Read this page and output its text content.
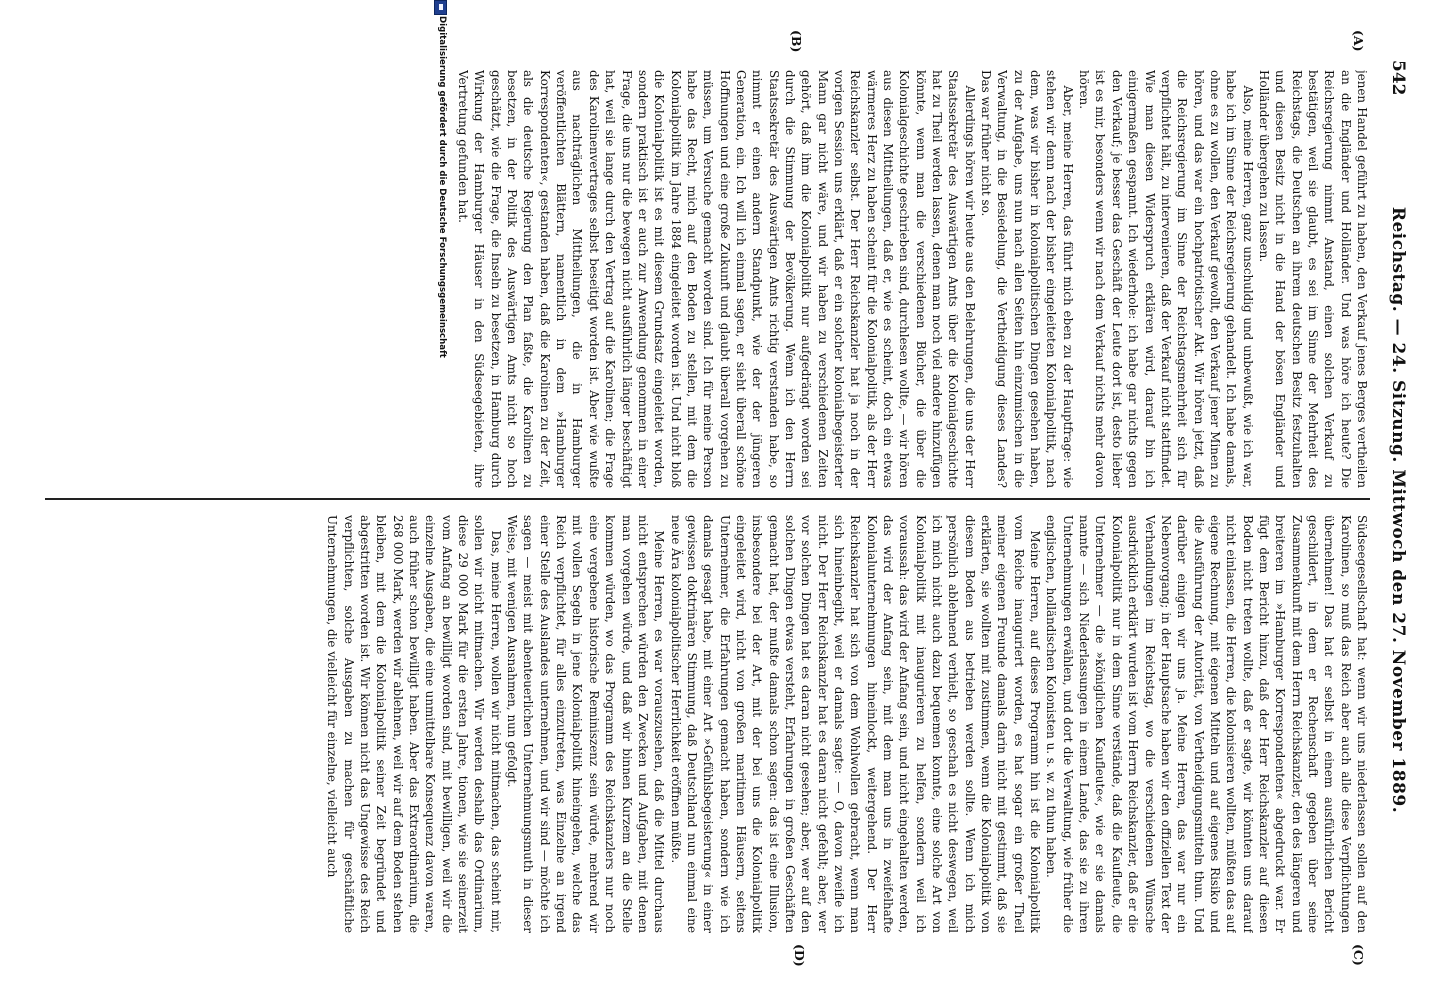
542
Reichstag. — 24. Sitzung. Mittwoch den 27. November 1889.
(A)
(B)
(C)
(D)

jenen Handel geführt zu haben, den Verkauf jenes Berges vertheilen an die Engländer und Holländer. Und was höre ich heute? Die Reichsregierung nimmt Anstand, einen solchen Verkauf zu bestätigen, weil sie glaubt, es sei im Sinne der Mehrheit des Reichstags, die Deutschen an ihrem deutschen Besitz festzuhalten und diesen Besitz nicht in die Hand der bösen Engländer und Holländer übergehen zu lassen.

Also, meine Herren, ganz unschuldig und unbewußt, wie ich war, habe ich im Sinne der Reichsregierung gehandelt. Ich habe damals, ohne es zu wollen, den Verkauf gewollt, den Verkauf jener Minen zu hören, und das war ein hochpatriotischer Akt. Wir hören jetzt, daß die Reichsregierung im Sinne der Reichstagsmehrheit sich für verpflichtet hält, zu intervenieren, daß der Verkauf nicht stattfindet. Wie man diesen Widerspruch erklären wird, darauf bin ich einigermaßen gespannt. Ich wiederhole: ich habe gar nichts gegen den Verkauf; je besser das Geschäft der Leute dort ist, desto lieber ist es mir, besonders wenn wir nach dem Verkauf nichts mehr davon hören.

Aber, meine Herren, das führt mich eben zu der Hauptfrage: wie stehen wir denn nach der bisher eingeleiteten Kolonialpolitik, nach dem, was wir bisher in kolonialpolitischen Dingen gesehen haben, zu der Aufgabe, uns nun nach allen Seiten hin einzumischen in die Verwaltung, in die Besiedelung, die Vertheidigung dieses Landes? Das war früher nicht so.

Allerdings hören wir heute aus den Belehrungen, die uns der Herr Staatssekretär des Auswärtigen Amts über die Kolonialgeschichte hat zu Theil werden lassen, denen man noch viel andere hinzufügen könnte, wenn man die verschiedenen Bücher, die über die Kolonialgeschichte geschrieben sind, durchlesen wollte, — wir hören aus diesen Mittheilungen, daß er, wie es scheint, doch ein etwas wärmeres Herz zu haben scheint für die Kolonialpolitik, als der Herr Reichskanzler selbst. Der Herr Reichskanzler hat ja noch in der vorigen Session uns erklärt, daß er ein solcher kolonialbegeisterter Mann gar nicht wäre, und wir haben zu verschiedenen Zeiten gehört, daß ihm die Kolonialpolitik nur aufgedrängt worden sei durch die Stimmung der Bevölkerung. Wenn ich den Herrn Staatssekretär des Auswärtigen Amts richtig verstanden habe, so nimmt er einen andern Standpunkt, wie der der jüngeren Generation, ein. Ich will ich einmal sagen, er sieht überall schöne Hoffnungen und eine große Zukunft und glaubt überall vorgehen zu müssen, um Versuche gemacht worden sind. Ich für meine Person habe das Recht, mich auf den Boden zu stellen, mit dem die Kolonialpolitik im Jahre 1884 eingeleitet worden ist. Und nicht bloß die Kolonialpolitik ist es mit diesem Grundsatz eingeleitet worden, sondern praktisch ist er auch zur Anwendung genommen in einer Frage, die uns nur die bewegen nicht ausführlich länger beschäftigt hat, weil sie lange durch den Vertrag auf die Karolinen; die Frage des Karolinenvertrages selbst beseitigt worden ist. Aber wie wußte aus nachträglichen Mittheilungen, die in Hamburger veröffentlichten Blättern, namentlich in dem »Hamburger Korrespondenten«, gestanden haben, daß die Karolinen zu der Zeit, als die deutsche Regierung den Plan faßte, die Karolinen zu besetzen, in der Politik des Auswärtigen Amts nicht so hoch geschätzt, wie die Frage, die Inseln zu besetzen, in Hamburg durch Wirkung der Hamburger Häuser in den Südseegebieten, ihre Vertretung gefunden hat.

Südseegesellschaft hat: wenn wir uns niederlassen sollen auf den Karolinen, so muß das Reich aber auch alle diese Verpflichtungen übernehmen! Das hat er selbst in einem ausführlichen Bericht geschildert, in dem er Rechenschaft gegeben über seine Zusammenkunft mit dem Herrn Reichskanzler, den des längeren und breiteren im »Hamburger Korrespondenten« abgedruckt war. Er fügt dem Bericht hinzu, daß der Herr Reichskanzler auf diesen Boden nicht treten wollte, daß er sagte, wir könnten uns darauf nicht einlassen, die Herren, die kolonisieren wollten, müßten das auf eigene Rechnung, mit eigenen Mitteln und auf eigenes Risiko und die Ausführung der Autorität, von Vertheidigungsmitteln thun. Und darüber einigen wir uns ja. Meine Herren, das war nur ein Nebenvorgang; in der Hauptsache haben wir den offiziellen Text der Verhandlungen im Reichstag, wo die verschiedenen Wünsche ausdrücklich erklärt wurden ist vom Herrn Reichskanzler, daß er die Kolonialpolitik nur in dem Sinne verstände, daß die Kaufleute, die Unternehmer — die »königlichen Kaufleute«, wie er sie damals nannte — sich Niederlassungen in einem Lande, das sie zu ihren Unternehmungen erwählen, und dort die Verwaltung, wie früher die englischen, holländischen Kolonisten u. s. w. zu thun haben.

Meine Herren, auf dieses Programm hin ist die Kolonialpolitik vom Reiche inauguriert worden, es hat sogar ein großer Theil meiner eigenen Freunde damals darin nicht mit gestimmt, daß sie erklärten, sie wollten mit zustimmen, wenn die Kolonialpolitik von diesem Boden aus betrieben werden sollte. Wenn ich mich persönlich ablehnend verhielt, so geschah es nicht deswegen, weil ich mich nicht auch dazu bequemen konnte, eine solche Art von Kolonialpolitik mit inaugurieren zu helfen, sondern weil ich voraussah: das wird der Anfang sein, und nicht eingehalten werden, das wird der Anfang sein, mit dem man uns in zweifelhafte Kolonialunternehmungen hineinlockt, weitergehend. Der Herr Reichskanzler hat sich von dem Wohlwollen gebracht, wenn man sich hineinbegibt, weil er damals sagte: — O, davon zweifle ich nicht. Der Herr Reichskanzler hat es daran nicht gefehlt; aber, wer vor solchen Dingen hat es daran nicht gesehen; aber, wer auf den solchen Dingen etwas versteht, Erfahrungen in großen Geschäften gemacht hat, der mußte damals schon sagen: das ist eine Illusion, insbesondere bei der Art, mit der bei uns die Kolonialpolitik eingeleitet wird, nicht von großen maritimen Häusern, seitens Unternehmer, die Erfahrungen gemacht haben, sondern wie ich damals gesagt habe, mit einer Art »Gefühlsbegeisterung« in einer gewissen doktrinären Stimmung, daß Deutschland nun einmal eine neue Ära kolonialpolitischer Herrlichkeit eröffnen müßte.

Meine Herren, es war vorauszusehen, daß die Mittel durchaus nicht entsprechen würden den Zwecken und Aufgaben, mit denen man vorgehen würde, und daß wir binnen Kurzem an die Stelle kommen würden, wo das Programm des Reichskanzlers nur noch eine vergebene historische Reminiszenz sein würde, mehrend wir mit vollen Segeln in jene Kolonialpolitik hineingehen, welche das Reich verpflichtet, für alles einzutreten, was Einzelne an irgend einer Stelle des Auslandes unternehmen, und wir sind — möchte ich sagen — meist mit abenteuerlichen Unternehmungsmuth in dieser Weise, mit wenigen Ausnahmen, nun gefolgt.

Das, meine Herren, wollen wir nicht mitmachen, das scheint mir, sollen wir nicht mitmachen. Wir werden deshalb das Ordinarium, diese 29 000 Mark für die ersten Jahre, tionen, wie sie seinerzeit vom Anfang an bewilligt worden sind, mit bewilligen, weil wir die einzelne Ausgaben, die eine unmittelbare Konsequenz davon waren, auch früher schon bewilligt haben. Aber das Extraordinarium, die 268 000 Mark, werden wir ablehnen, weil wir auf dem Boden stehen bleiben, mit dem die Kolonialpolitik seiner Zeit begründet und abgestritten worden ist. Wir können nicht das Ungewisse des Reich verpflichten, solche Ausgaben zu machen für geschäftliche Unternehmungen, die vielleicht für einzelne, vielleicht auch

Digitalisierung gefördert durch die Deutsche Forschungsgemeinschaft
